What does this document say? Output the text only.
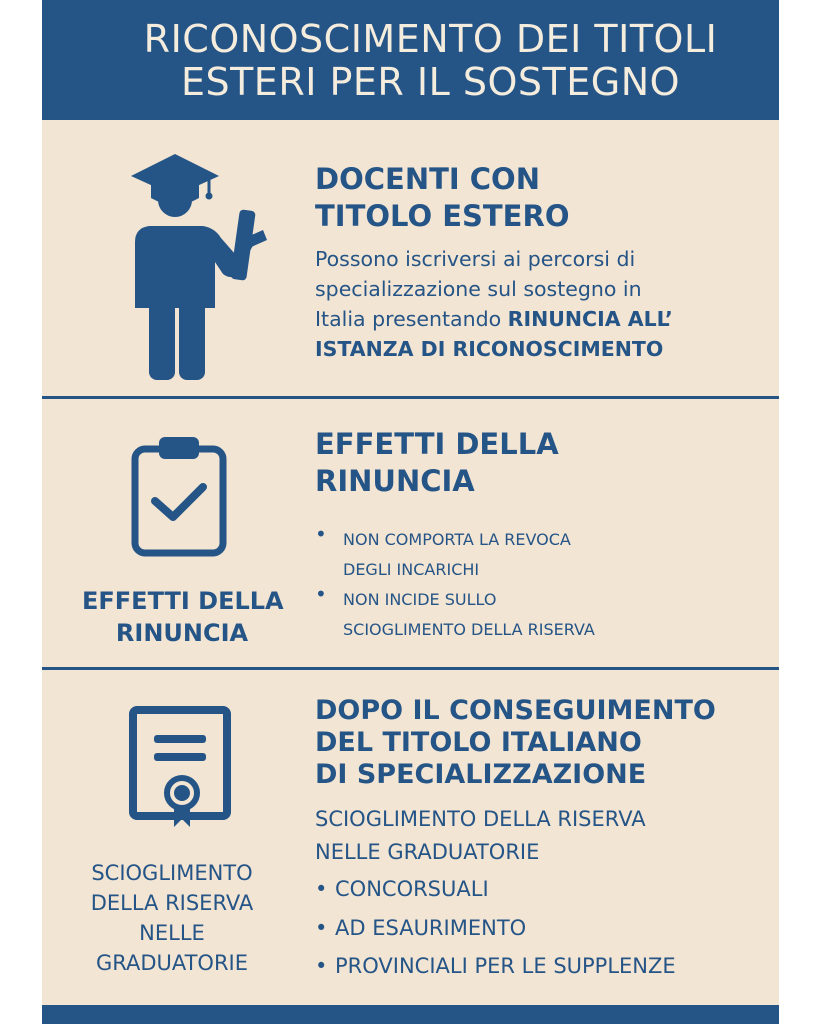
RICONOSCIMENTO DEI TITOLI
ESTERI PER IL SOSTEGNO
DOCENTI CON
TITOLO ESTERO
Possono iscriversi ai percorsi di
specializzazione sul sostegno in
Italia presentando RINUNCIA ALL’
ISTANZA DI RICONOSCIMENTO
EFFETTI DELLA
RINUNCIA
EFFETTI DELLA
RINUNCIA
• NON COMPORTA LA REVOCA
DEGLI INCARICHI
• NON INCIDE SULLO
SCIOGLIMENTO DELLA RISERVA
SCIOGLIMENTO
DELLA RISERVA
NELLE
GRADUATORIE
DOPO IL CONSEGUIMENTO
DEL TITOLO ITALIANO
DI SPECIALIZZAZIONE
SCIOGLIMENTO DELLA RISERVA
NELLE GRADUATORIE
• CONCORSUALI
• AD ESAURIMENTO
• PROVINCIALI PER LE SUPPLENZE
